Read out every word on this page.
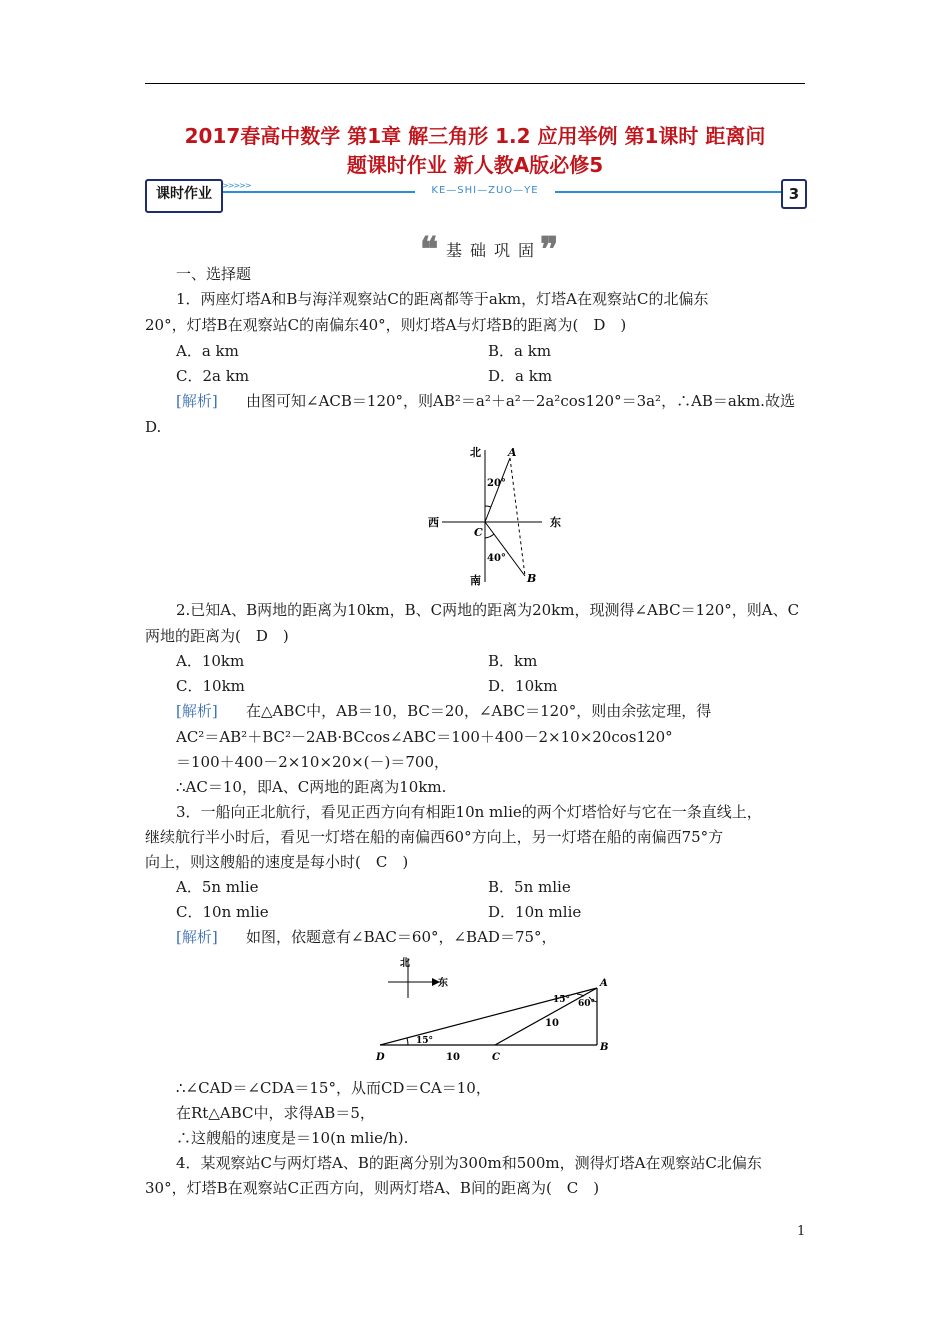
2017春高中数学 第1章 解三角形 1.2 应用举例 第1课时 距离问
题课时作业 新人教A版必修5
课时作业
>>>>>	KE—SHI—ZUO—YE	3
❝ 基础巩固
❞
一、选择题
1．两座灯塔A和B与海洋观察站C的距离都等于akm，灯塔A在观察站C的北偏东
20°，灯塔B在观察站C的南偏东40°，则灯塔A与灯塔B的距离为(　D　)
A．a km	B．a km
C．2a km	D．a km
[解析] 由图可知∠ACB＝120°，则AB²＝a²＋a²－2a²cos120°＝3a²，∴AB＝akm.故选
D.
北
南
西	东
A
B
C
20°
40°
2.已知A、B两地的距离为10km，B、C两地的距离为20km，现测得∠ABC＝120°，则A、C
两地的距离为(　D　)
A．10km	B．km
C．10km	D．10km
[解析] 在△ABC中，AB＝10，BC＝20，∠ABC＝120°，则由余弦定理，得
AC²＝AB²＋BC²－2AB·BCcos∠ABC＝100＋400－2×10×20cos120°
＝100＋400－2×10×20×(－)＝700，
∴AC＝10，即A、C两地的距离为10km.
3．一船向正北航行，看见正西方向有相距10n mlie的两个灯塔恰好与它在一条直线上，
继续航行半小时后，看见一灯塔在船的南偏西60°方向上，另一灯塔在船的南偏西75°方
向上，则这艘船的速度是每小时(　C　)
A．5n mlie	B．5n mlie
C．10n mlie	D．10n mlie
[解析] 如图，依题意有∠BAC＝60°，∠BAD＝75°，
北
东	A
B
C
D
15°
15° 60°
10
10
∴∠CAD＝∠CDA＝15°，从而CD＝CA＝10，
在Rt△ABC中，求得AB＝5，
∴这艘船的速度是＝10(n mlie/h).
4．某观察站C与两灯塔A、B的距离分别为300m和500m，测得灯塔A在观察站C北偏东
30°，灯塔B在观察站C正西方向，则两灯塔A、B间的距离为(　C　)
1
